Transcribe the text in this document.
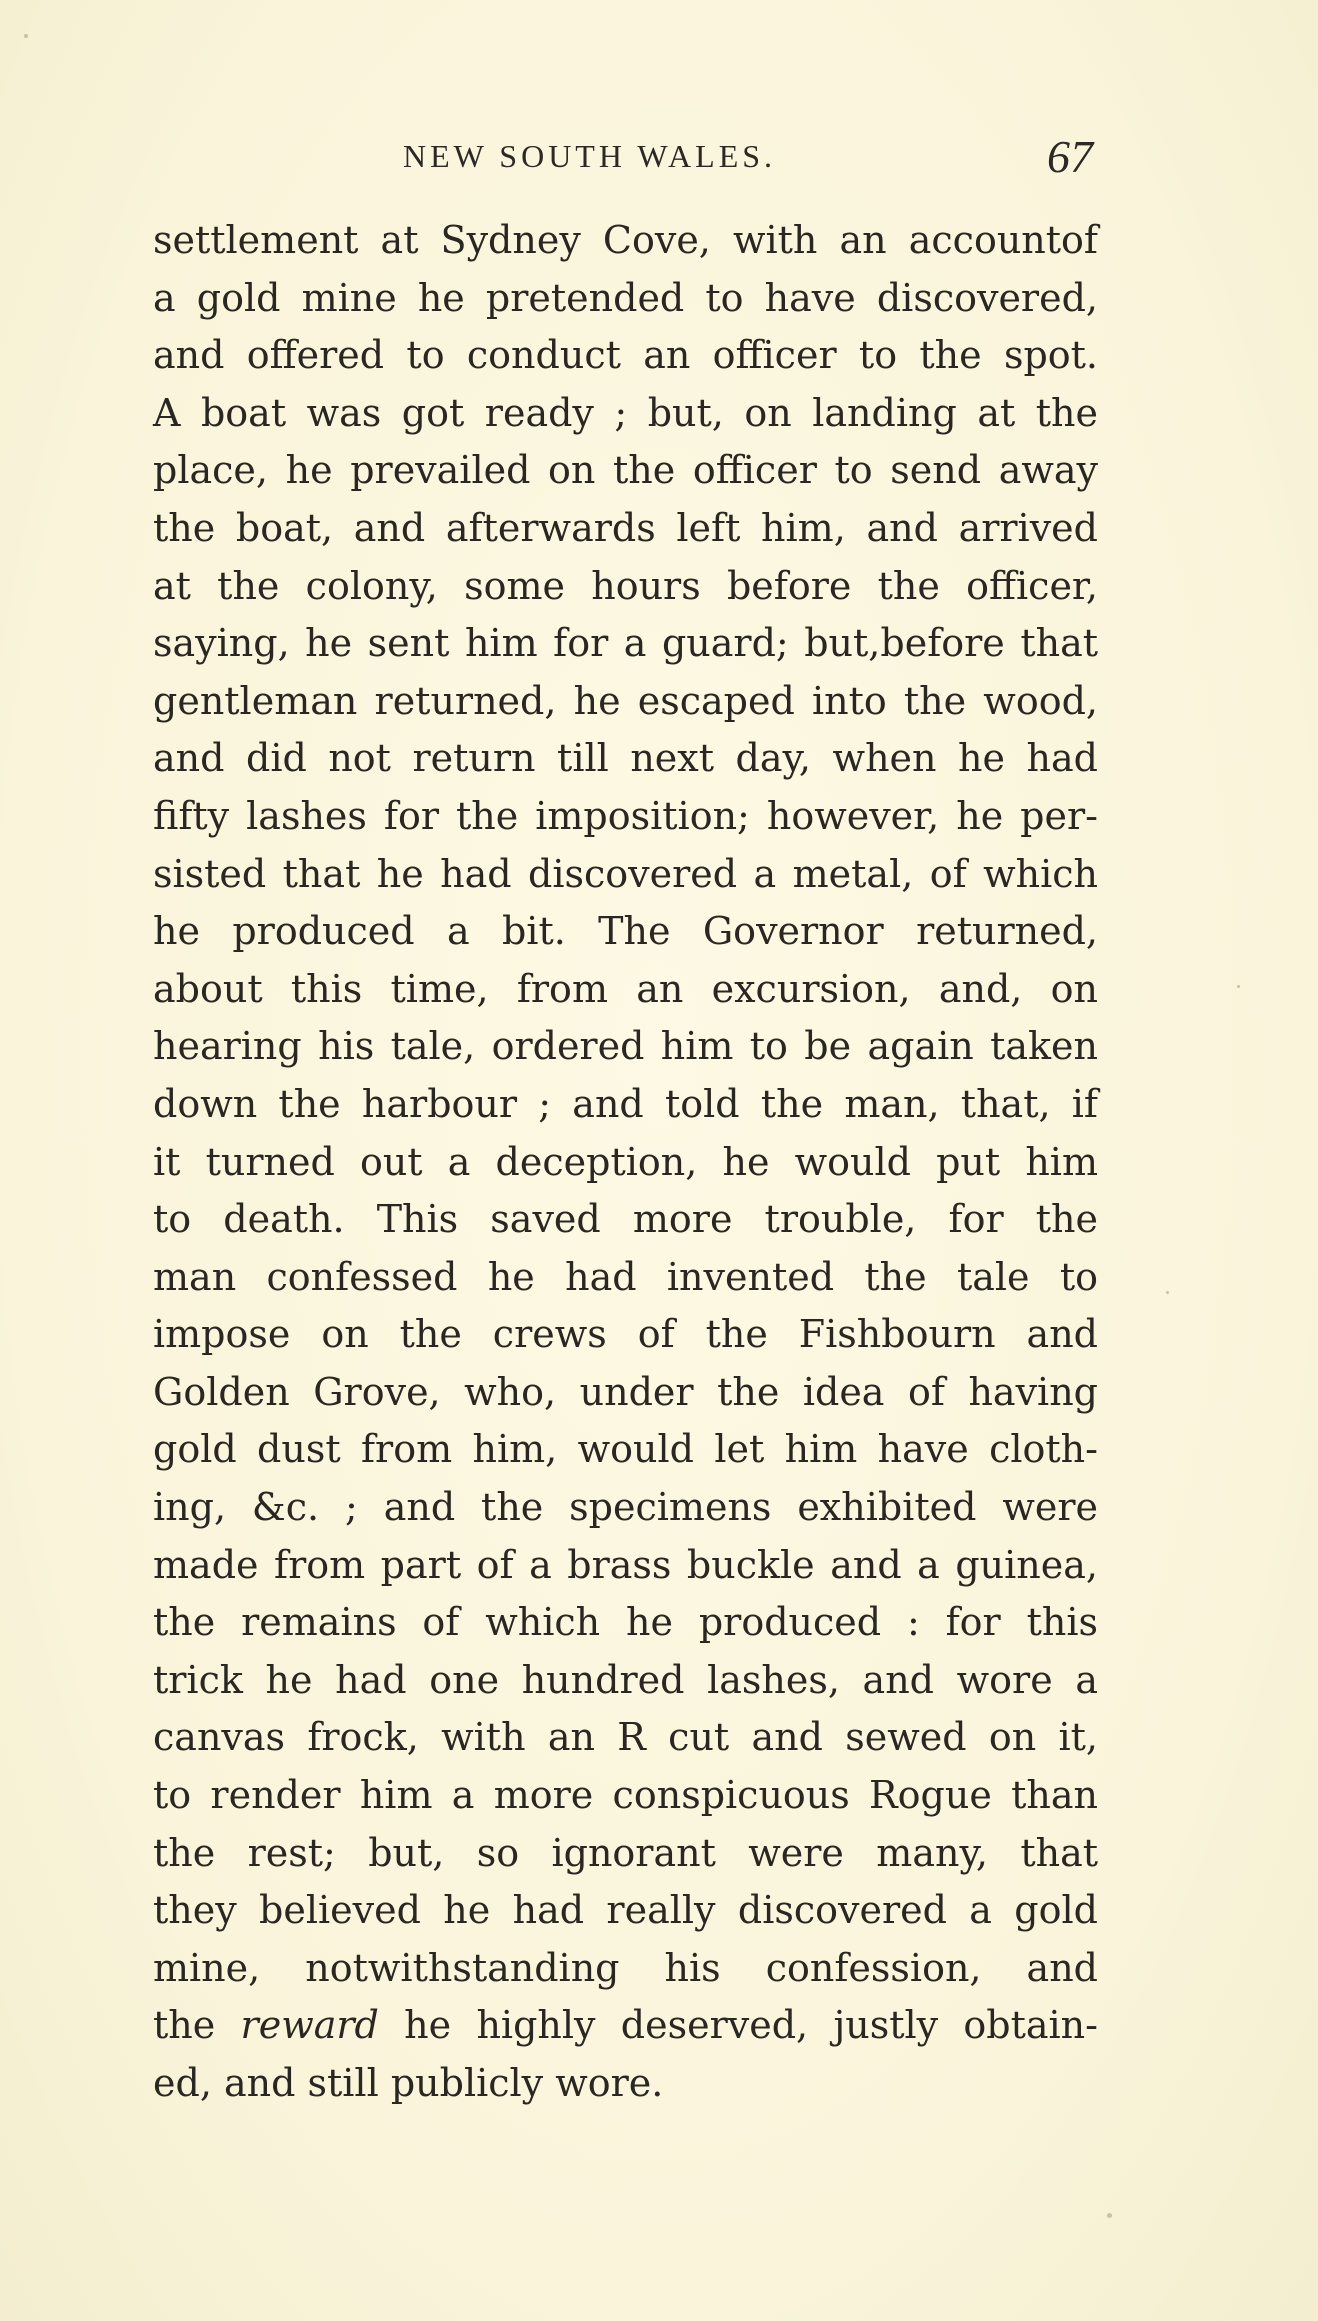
NEW SOUTH WALES.	67
settlement at Sydney Cove, with an accountof
a gold mine he pretended to have discovered,
and offered to conduct an officer to the spot.
A boat was got ready ; but, on landing at the
place, he prevailed on the officer to send away
the boat, and afterwards left him, and arrived
at the colony, some hours before the officer,
saying, he sent him for a guard; but,before that
gentleman returned, he escaped into the wood,
and did not return till next day, when he had
fifty lashes for the imposition; however, he per-
sisted that he had discovered a metal, of which
he produced a bit. The Governor returned,
about this time, from an excursion, and, on
hearing his tale, ordered him to be again taken
down the harbour ; and told the man, that, if
it turned out a deception, he would put him
to death. This saved more trouble, for the
man confessed he had invented the tale to
impose on the crews of the Fishbourn and
Golden Grove, who, under the idea of having
gold dust from him, would let him have cloth-
ing, &c. ; and the specimens exhibited were
made from part of a brass buckle and a guinea,
the remains of which he produced : for this
trick he had one hundred lashes, and wore a
canvas frock, with an R cut and sewed on it,
to render him a more conspicuous Rogue than
the rest; but, so ignorant were many, that
they believed he had really discovered a gold
mine, notwithstanding his confession, and
the reward he highly deserved, justly obtain-
ed, and still publicly wore.
